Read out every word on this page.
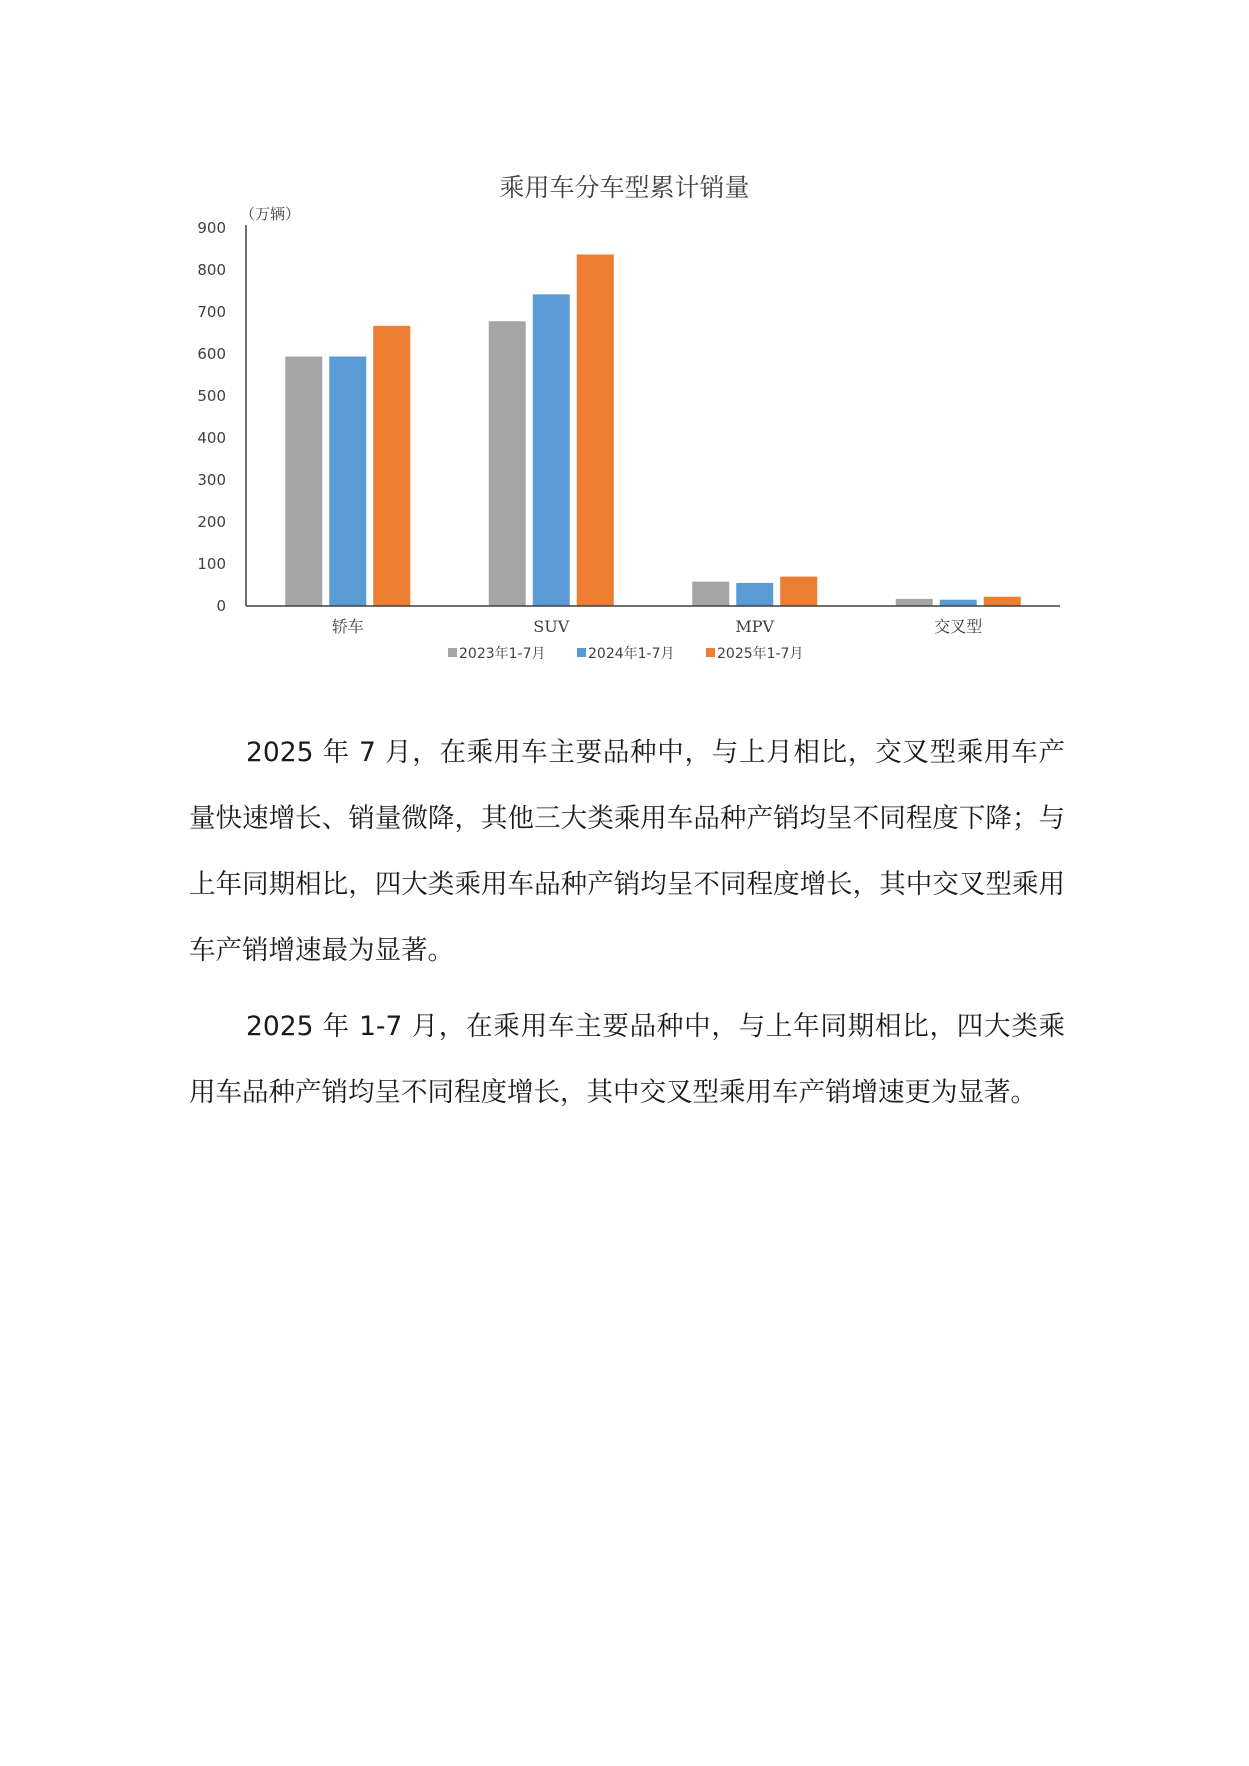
乘用车分车型累计销量
（万辆）
0
100
200
300
400
500
600
700
800
900
轿车	SUV	MPV	交叉型
2023年1-7月	2024年1-7月	2025年1-7月

2025 年 7 月，在乘用车主要品种中，与上月相比，交叉型乘用车产量快速增长、销量微降，其他三大类乘用车品种产销均呈不同程度下降；与上年同期相比，四大类乘用车品种产销均呈不同程度增长，其中交叉型乘用车产销增速最为显著。

2025 年 1-7 月，在乘用车主要品种中，与上年同期相比，四大类乘用车品种产销均呈不同程度增长，其中交叉型乘用车产销增速更为显著。
